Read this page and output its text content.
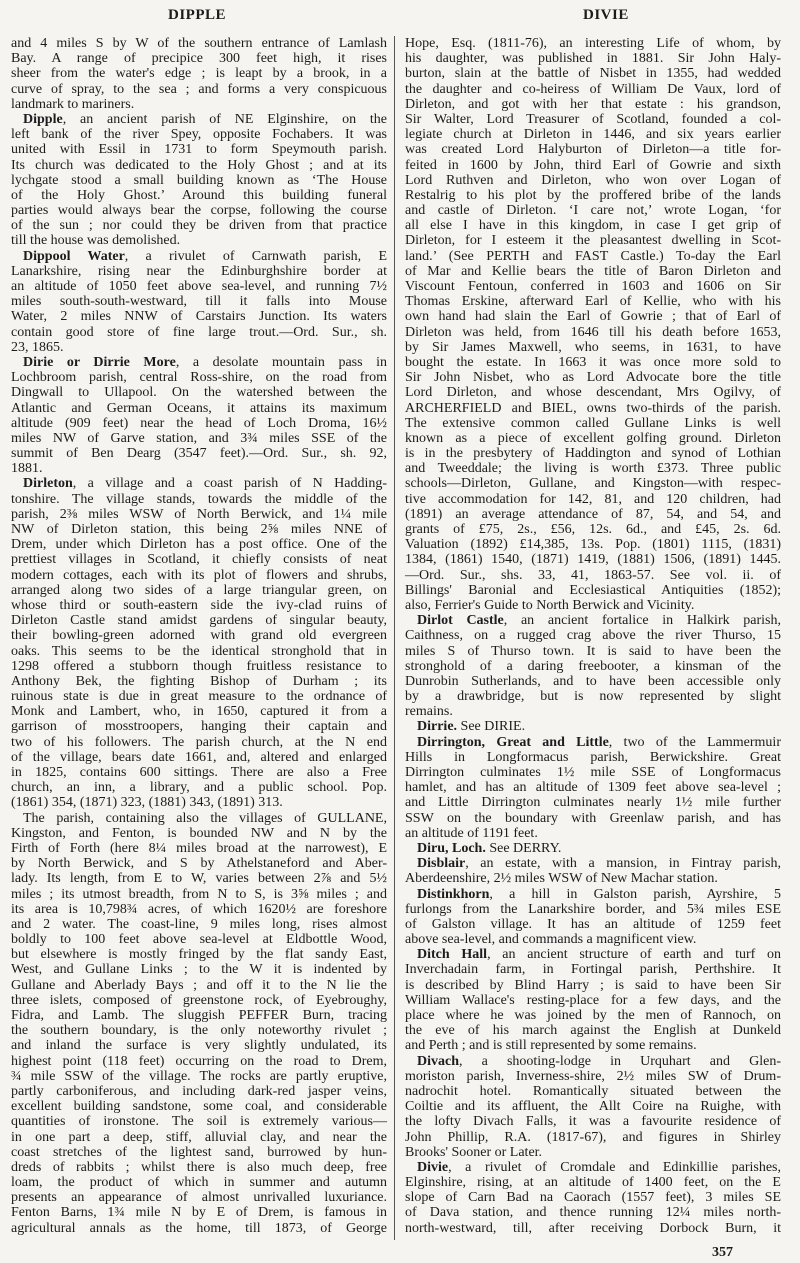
DIPPLE	DIVIE
and 4 miles S by W of the southern entrance of Lamlash
Bay. A range of precipice 300 feet high, it rises
sheer from the water's edge ; is leapt by a brook, in a
curve of spray, to the sea ; and forms a very conspicuous
landmark to mariners.
Dipple, an ancient parish of NE Elginshire, on the
left bank of the river Spey, opposite Fochabers. It was
united with Essil in 1731 to form Speymouth parish.
Its church was dedicated to the Holy Ghost ; and at its
lychgate stood a small building known as ‘The House
of the Holy Ghost.’ Around this building funeral
parties would always bear the corpse, following the course
of the sun ; nor could they be driven from that practice
till the house was demolished.
Dippool Water, a rivulet of Carnwath parish, E
Lanarkshire, rising near the Edinburghshire border at
an altitude of 1050 feet above sea-level, and running 7½
miles south-south-westward, till it falls into Mouse
Water, 2 miles NNW of Carstairs Junction. Its waters
contain good store of fine large trout.—Ord. Sur., sh.
23, 1865.
Dirie or Dirrie More, a desolate mountain pass in
Lochbroom parish, central Ross-shire, on the road from
Dingwall to Ullapool. On the watershed between the
Atlantic and German Oceans, it attains its maximum
altitude (909 feet) near the head of Loch Droma, 16½
miles NW of Garve station, and 3¾ miles SSE of the
summit of Ben Dearg (3547 feet).—Ord. Sur., sh. 92,
1881.
Dirleton, a village and a coast parish of N Hadding-
tonshire. The village stands, towards the middle of the
parish, 2⅜ miles WSW of North Berwick, and 1¼ mile
NW of Dirleton station, this being 2⅝ miles NNE of
Drem, under which Dirleton has a post office. One of the
prettiest villages in Scotland, it chiefly consists of neat
modern cottages, each with its plot of flowers and shrubs,
arranged along two sides of a large triangular green, on
whose third or south-eastern side the ivy-clad ruins of
Dirleton Castle stand amidst gardens of singular beauty,
their bowling-green adorned with grand old evergreen
oaks. This seems to be the identical stronghold that in
1298 offered a stubborn though fruitless resistance to
Anthony Bek, the fighting Bishop of Durham ; its
ruinous state is due in great measure to the ordnance of
Monk and Lambert, who, in 1650, captured it from a
garrison of mosstroopers, hanging their captain and
two of his followers. The parish church, at the N end
of the village, bears date 1661, and, altered and enlarged
in 1825, contains 600 sittings. There are also a Free
church, an inn, a library, and a public school. Pop.
(1861) 354, (1871) 323, (1881) 343, (1891) 313.
The parish, containing also the villages of GULLANE,
Kingston, and Fenton, is bounded NW and N by the
Firth of Forth (here 8¼ miles broad at the narrowest), E
by North Berwick, and S by Athelstaneford and Aber-
lady. Its length, from E to W, varies between 2⅞ and 5½
miles ; its utmost breadth, from N to S, is 3⅝ miles ; and
its area is 10,798¾ acres, of which 1620½ are foreshore
and 2 water. The coast-line, 9 miles long, rises almost
boldly to 100 feet above sea-level at Eldbottle Wood,
but elsewhere is mostly fringed by the flat sandy East,
West, and Gullane Links ; to the W it is indented by
Gullane and Aberlady Bays ; and off it to the N lie the
three islets, composed of greenstone rock, of Eyebroughy,
Fidra, and Lamb. The sluggish PEFFER Burn, tracing
the southern boundary, is the only noteworthy rivulet ;
and inland the surface is very slightly undulated, its
highest point (118 feet) occurring on the road to Drem,
¾ mile SSW of the village. The rocks are partly eruptive,
partly carboniferous, and including dark-red jasper veins,
excellent building sandstone, some coal, and considerable
quantities of ironstone. The soil is extremely various—
in one part a deep, stiff, alluvial clay, and near the
coast stretches of the lightest sand, burrowed by hun-
dreds of rabbits ; whilst there is also much deep, free
loam, the product of which in summer and autumn
presents an appearance of almost unrivalled luxuriance.
Fenton Barns, 1¾ mile N by E of Drem, is famous in
agricultural annals as the home, till 1873, of George
Hope, Esq. (1811-76), an interesting Life of whom, by
his daughter, was published in 1881. Sir John Haly-
burton, slain at the battle of Nisbet in 1355, had wedded
the daughter and co-heiress of William De Vaux, lord of
Dirleton, and got with her that estate : his grandson,
Sir Walter, Lord Treasurer of Scotland, founded a col-
legiate church at Dirleton in 1446, and six years earlier
was created Lord Halyburton of Dirleton—a title for-
feited in 1600 by John, third Earl of Gowrie and sixth
Lord Ruthven and Dirleton, who won over Logan of
Restalrig to his plot by the proffered bribe of the lands
and castle of Dirleton. ‘I care not,’ wrote Logan, ‘for
all else I have in this kingdom, in case I get grip of
Dirleton, for I esteem it the pleasantest dwelling in Scot-
land.’ (See PERTH and FAST Castle.) To-day the Earl
of Mar and Kellie bears the title of Baron Dirleton and
Viscount Fentoun, conferred in 1603 and 1606 on Sir
Thomas Erskine, afterward Earl of Kellie, who with his
own hand had slain the Earl of Gowrie ; that of Earl of
Dirleton was held, from 1646 till his death before 1653,
by Sir James Maxwell, who seems, in 1631, to have
bought the estate. In 1663 it was once more sold to
Sir John Nisbet, who as Lord Advocate bore the title
Lord Dirleton, and whose descendant, Mrs Ogilvy, of
ARCHERFIELD and BIEL, owns two-thirds of the parish.
The extensive common called Gullane Links is well
known as a piece of excellent golfing ground. Dirleton
is in the presbytery of Haddington and synod of Lothian
and Tweeddale; the living is worth £373. Three public
schools—Dirleton, Gullane, and Kingston—with respec-
tive accommodation for 142, 81, and 120 children, had
(1891) an average attendance of 87, 54, and 54, and
grants of £75, 2s., £56, 12s. 6d., and £45, 2s. 6d.
Valuation (1892) £14,385, 13s. Pop. (1801) 1115, (1831)
1384, (1861) 1540, (1871) 1419, (1881) 1506, (1891) 1445.
—Ord. Sur., shs. 33, 41, 1863-57. See vol. ii. of
Billings' Baronial and Ecclesiastical Antiquities (1852);
also, Ferrier's Guide to North Berwick and Vicinity.
Dirlot Castle, an ancient fortalice in Halkirk parish,
Caithness, on a rugged crag above the river Thurso, 15
miles S of Thurso town. It is said to have been the
stronghold of a daring freebooter, a kinsman of the
Dunrobin Sutherlands, and to have been accessible only
by a drawbridge, but is now represented by slight
remains.
Dirrie. See DIRIE.
Dirrington, Great and Little, two of the Lammermuir
Hills in Longformacus parish, Berwickshire. Great
Dirrington culminates 1½ mile SSE of Longformacus
hamlet, and has an altitude of 1309 feet above sea-level ;
and Little Dirrington culminates nearly 1½ mile further
SSW on the boundary with Greenlaw parish, and has
an altitude of 1191 feet.
Diru, Loch. See DERRY.
Disblair, an estate, with a mansion, in Fintray parish,
Aberdeenshire, 2½ miles WSW of New Machar station.
Distinkhorn, a hill in Galston parish, Ayrshire, 5
furlongs from the Lanarkshire border, and 5¾ miles ESE
of Galston village. It has an altitude of 1259 feet
above sea-level, and commands a magnificent view.
Ditch Hall, an ancient structure of earth and turf on
Inverchadain farm, in Fortingal parish, Perthshire. It
is described by Blind Harry ; is said to have been Sir
William Wallace's resting-place for a few days, and the
place where he was joined by the men of Rannoch, on
the eve of his march against the English at Dunkeld
and Perth ; and is still represented by some remains.
Divach, a shooting-lodge in Urquhart and Glen-
moriston parish, Inverness-shire, 2½ miles SW of Drum-
nadrochit hotel. Romantically situated between the
Coiltie and its affluent, the Allt Coire na Ruighe, with
the lofty Divach Falls, it was a favourite residence of
John Phillip, R.A. (1817-67), and figures in Shirley
Brooks' Sooner or Later.
Divie, a rivulet of Cromdale and Edinkillie parishes,
Elginshire, rising, at an altitude of 1400 feet, on the E
slope of Carn Bad na Caorach (1557 feet), 3 miles SE
of Dava station, and thence running 12¼ miles north-
north-westward, till, after receiving Dorbock Burn, it
357
